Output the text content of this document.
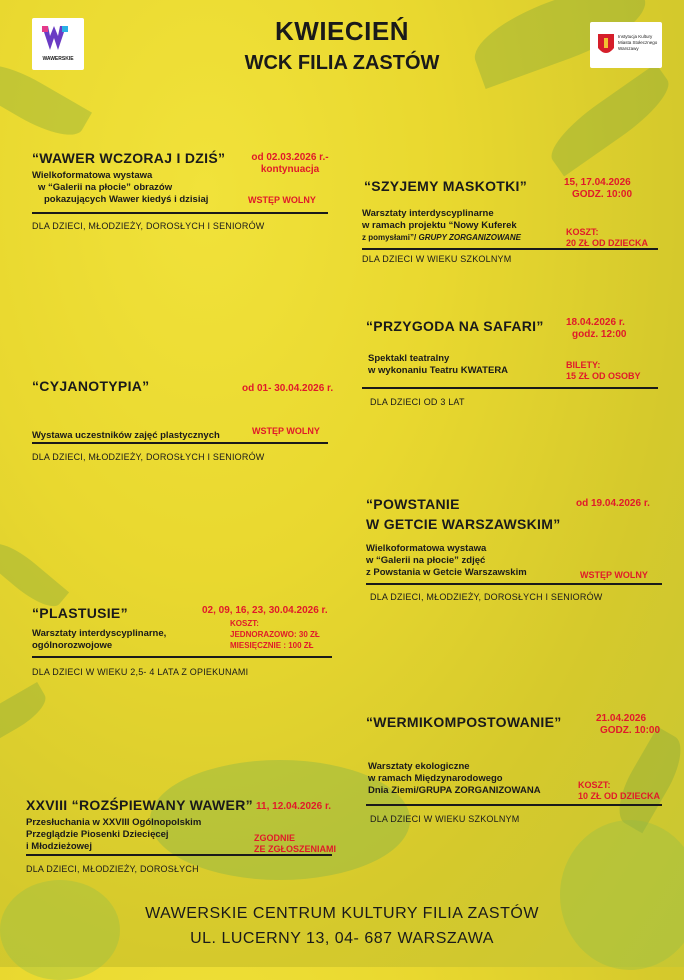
WAWERSKIE
Instytucja Kultury Miasta Stołecznego Warszawy
KWIECIEŃ
WCK FILIA ZASTÓW
“WAWER WCZORAJ I DZIŚ”	od 02.03.2026 r.-
kontynuacja
Wielkoformatowa wystawa
w “Galerii na płocie” obrazów
pokazujących Wawer kiedyś i dzisiaj	WSTĘP WOLNY
DLA DZIECI, MŁODZIEŻY, DOROSŁYCH I SENIORÓW
“SZYJEMY MASKOTKI”	15, 17.04.2026
GODZ. 10:00
Warsztaty interdyscyplinarne
w ramach projektu “Nowy Kuferek
z pomysłami”/ GRUPY ZORGANIZOWANE
KOSZT:
20 ZŁ OD DZIECKA
DLA DZIECI W WIEKU SZKOLNYM
“PRZYGODA NA SAFARI” 18.04.2026 r.
godz. 12:00
Spektakl teatralny
w wykonaniu Teatru KWATERA	BILETY:
15 ZŁ OD OSOBY
DLA DZIECI OD 3 LAT
“CYJANOTYPIA”	od 01- 30.04.2026 r.
Wystawa uczestników zajęć plastycznych	WSTĘP WOLNY
DLA DZIECI, MŁODZIEŻY, DOROSŁYCH I SENIORÓW
“POWSTANIE
W GETCIE WARSZAWSKIM”
od 19.04.2026 r.
Wielkoformatowa wystawa
w “Galerii na płocie” zdjęć
z Powstania w Getcie Warszawskim	WSTĘP WOLNY
DLA DZIECI, MŁODZIEŻY, DOROSŁYCH I SENIORÓW
“PLASTUSIE”	02, 09, 16, 23, 30.04.2026 r.
Warsztaty interdyscyplinarne,
ogólnorozwojowe
KOSZT:
JEDNORAZOWO: 30 ZŁ
MIESIĘCZNIE : 100 ZŁ
DLA DZIECI W WIEKU 2,5- 4 LATA Z OPIEKUNAMI
“WERMIKOMPOSTOWANIE”	21.04.2026
GODZ. 10:00
Warsztaty ekologiczne
w ramach Międzynarodowego
Dnia Ziemi/GRUPA ZORGANIZOWANA	KOSZT:
10 ZŁ OD DZIECKA
DLA DZIECI W WIEKU SZKOLNYM
XXVIII “ROZŚPIEWANY WAWER” 11, 12.04.2026 r.
Przesłuchania w XXVIII Ogólnopolskim
Przeglądzie Piosenki Dziecięcej
i Młodzieżowej
ZGODNIE
ZE ZGŁOSZENIAMI
DLA DZIECI, MŁODZIEŻY, DOROSŁYCH
WAWERSKIE CENTRUM KULTURY FILIA ZASTÓW
UL. LUCERNY 13, 04- 687 WARSZAWA
